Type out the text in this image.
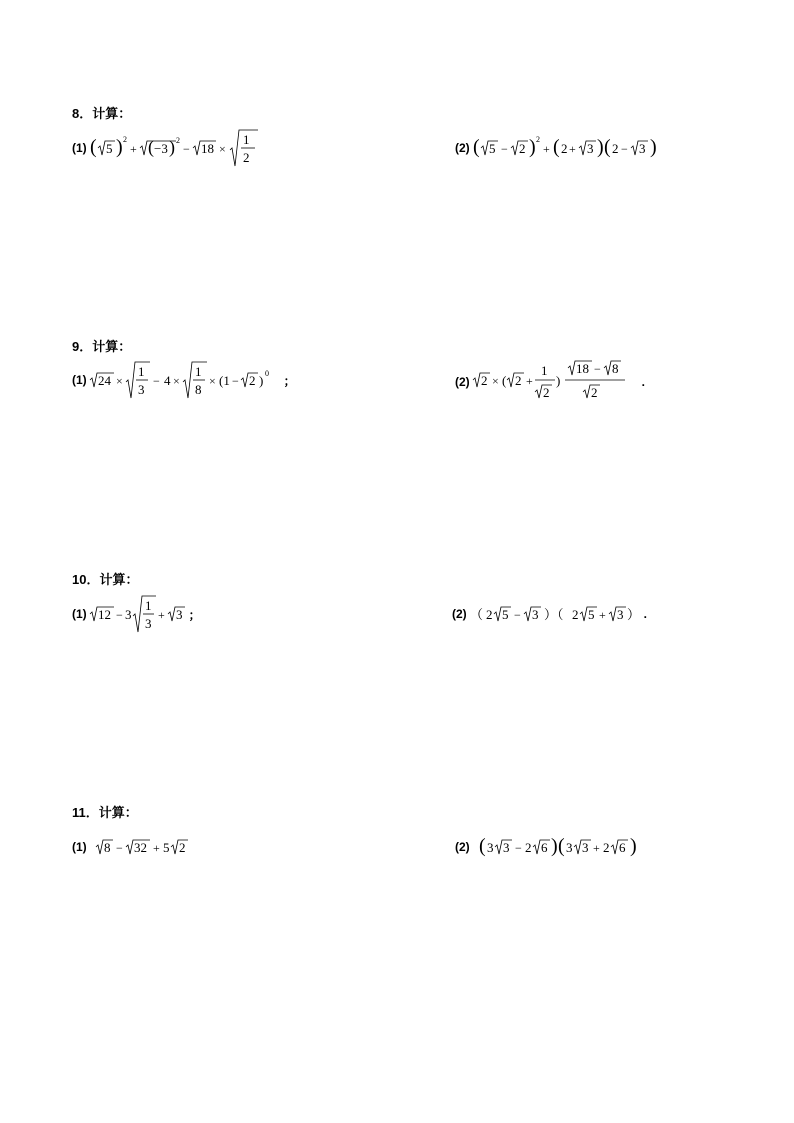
8．计算：
(1) ( 5 ) 2
+ ( −3 ) 2
− 18 ×
1
2
(2) ( 5 − 2 ) 2
+ ( 2 + 3 ) ( 2 − 3 )
9．计算：
(1) 24 ×
1
3
− 4 ×
1
8
× (1 − 2 ) 0 ；	(2) 2 × ( 2 +
1
2
)
18 − 8
2
.
10．计算：
(1) 12 − 3
1
3
+ 3 ；	(2) （ 2 5 − 3 ）（ 2 5 + 3 ） .
11．计算：
(1) 8 − 32 + 5 2	(2) ( 3 3 − 2 6 ) ( 3 3 + 2 6 )
